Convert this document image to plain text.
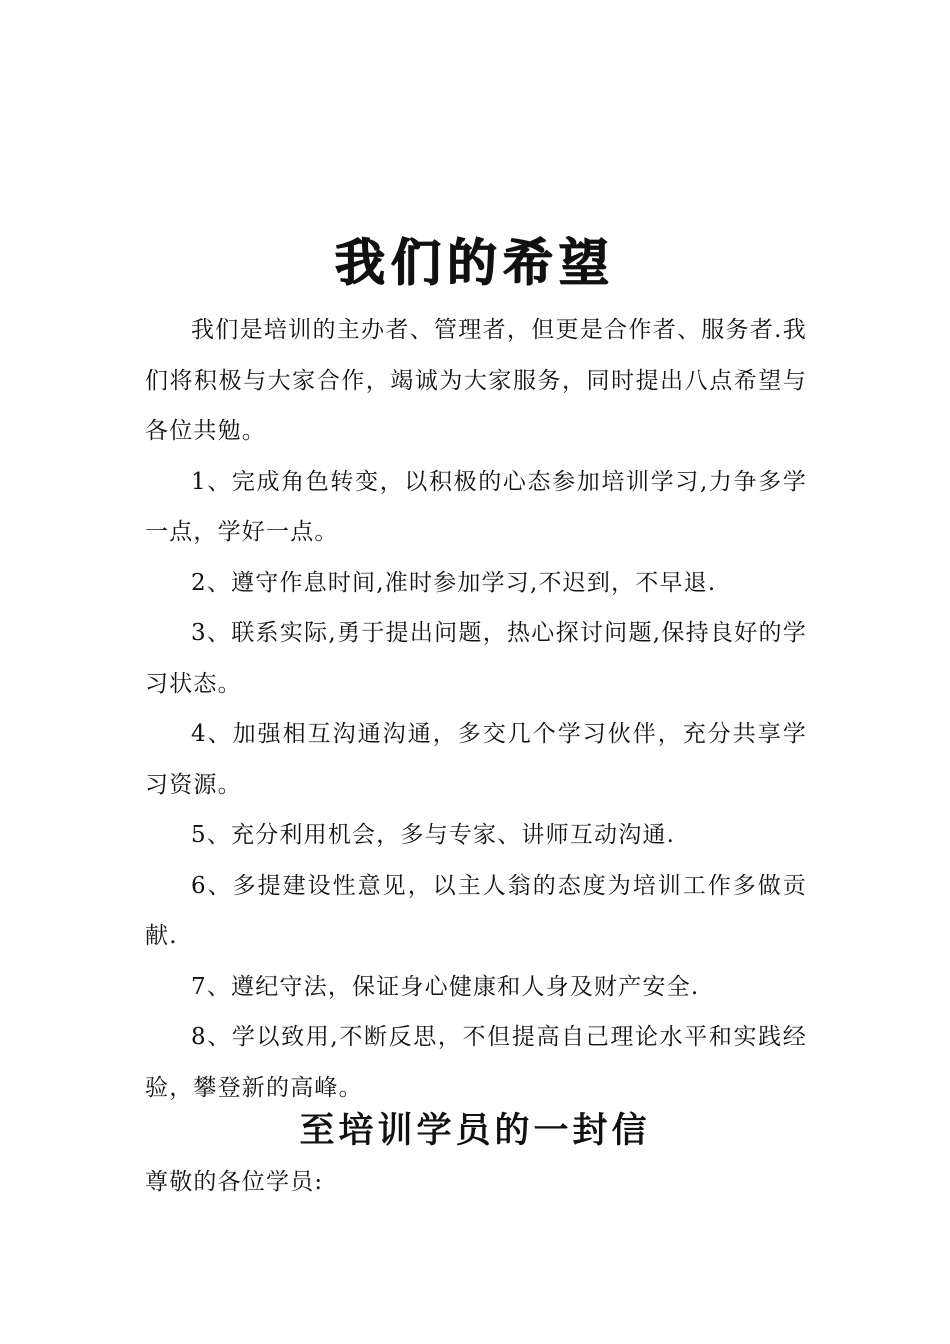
我们的希望

我们是培训的主办者、管理者，但更是合作者、服务者.我们将积极与大家合作，竭诚为大家服务，同时提出八点希望与各位共勉。

1、完成角色转变，以积极的心态参加培训学习,力争多学一点，学好一点。

2、遵守作息时间,准时参加学习,不迟到，不早退.

3、联系实际,勇于提出问题，热心探讨问题,保持良好的学习状态。

4、加强相互沟通沟通，多交几个学习伙伴，充分共享学习资源。

5、充分利用机会，多与专家、讲师互动沟通.

6、多提建设性意见，以主人翁的态度为培训工作多做贡献.

7、遵纪守法，保证身心健康和人身及财产安全.

8、学以致用,不断反思，不但提高自己理论水平和实践经验，攀登新的高峰。

至培训学员的一封信
尊敬的各位学员:
